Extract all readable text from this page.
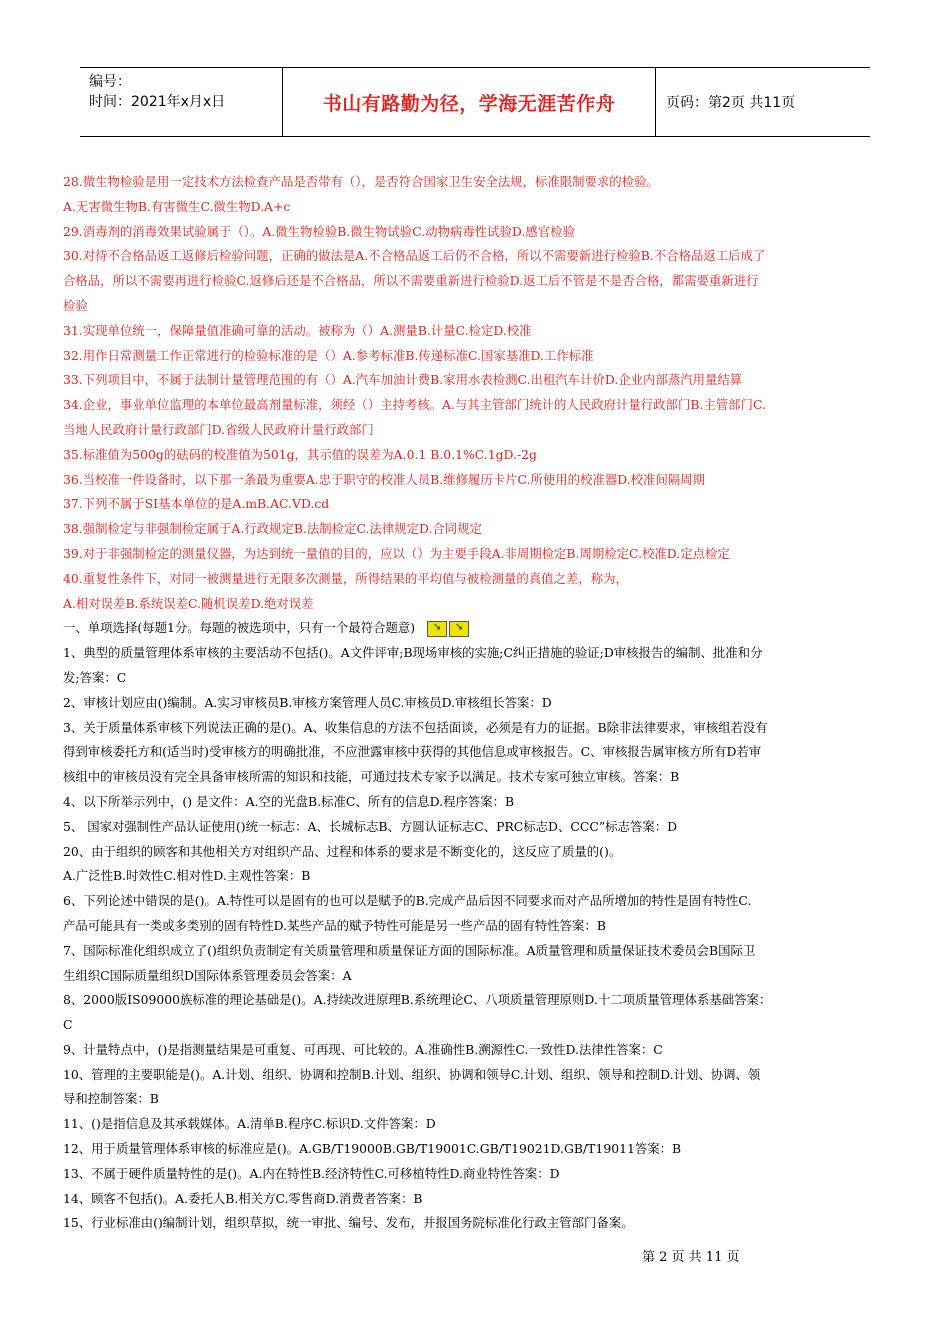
编号：
时间：2021年x月x日	书山有路勤为径，学海无涯苦作舟	页码：第2页 共11页
28.微生物检验是用一定技术方法检查产品是否带有（），是否符合国家卫生安全法规，标准限制要求的检验。
A.无害微生物B.有害微生C.微生物D.A+c
29.消毒剂的消毒效果试验属于（）。A.微生物检验B.微生物试验C.动物病毒性试验D.感官检验
30.对待不合格品返工返修后检验问题，正确的做法是A.不合格品返工后仍不合格，所以不需要新进行检验B.不合格品返工后成了
合格品，所以不需要再进行检验C.返修后还是不合格品，所以不需要重新进行检验D.返工后不管是不是否合格，都需要重新进行
检验
31.实现单位统一，保障量值准确可靠的活动。被称为（）A.测量B.计量C.检定D.校准
32.用作日常测量工作正常进行的检验标准的是（）A.参考标准B.传递标准C.国家基准D.工作标准
33.下列项目中，不属于法制计量管理范围的有（）A.汽车加油计费B.家用水表检测C.出租汽车计价D.企业内部蒸汽用量结算
34.企业，事业单位监理的本单位最高剂量标准，须经（）主持考核。A.与其主管部门统计的人民政府计量行政部门B.主管部门C.
当地人民政府计量行政部门D.省级人民政府计量行政部门
35.标准值为500g的砝码的校准值为501g，其示值的误差为A.0.1 B.0.1%C.1gD.-2g
36.当校准一件设备时，以下那一条最为重要A.忠于职守的校准人员B.维修履历卡片C.所使用的校准器D.校准间隔周期
37.下列不属于SI基本单位的是A.mB.AC.VD.cd
38.强制检定与非强制检定属于A.行政规定B.法制检定C.法律规定D.合同规定
39.对于非强制检定的测量仪器，为达到统一量值的目的，应以（）为主要手段A.非周期检定B.周期检定C.校准D.定点检定
40.重复性条件下，对同一被测量进行无限多次测量，所得结果的平均值与被检测量的真值之差，称为，
A.相对误差B.系统误差C.随机误差D.绝对误差
一、单项选择(每题1分。每题的被选项中，只有一个最符合题意)	↘	↘
1、典型的质量管理体系审核的主要活动不包括()。A文件评审;B现场审核的实施;C纠正措施的验证;D审核报告的编制、批准和分
发;答案：C
2、审核计划应由()编制。A.实习审核员B.审核方案管理人员C.审核员D.审核组长答案：D
3、关于质量体系审核下列说法正确的是()。A、收集信息的方法不包括面谈，必须是有力的证据。B除非法律要求，审核组若没有
得到审核委托方和(适当时)受审核方的明确批准，不应泄露审核中获得的其他信息或审核报告。C、审核报告属审核方所有D若审
核组中的审核员没有完全具备审核所需的知识和技能，可通过技术专家予以满足。技术专家可独立审核。答案：B
4、以下所举示列中，() 是文件：A.空的光盘B.标准C、所有的信息D.程序答案：B
5、 国家对强制性产品认证使用()统一标志：A、长城标志B、方圆认证标志C、PRC标志D、CCC”标志答案：D
20、由于组织的顾客和其他相关方对组织产品、过程和体系的要求是不断变化的，这反应了质量的()。
A.广泛性B.时效性C.相对性D.主观性答案：B
6、下列论述中错误的是()。A.特性可以是固有的也可以是赋予的B.完成产品后因不同要求而对产品所增加的特性是固有特性C.
产品可能具有一类或多类别的固有特性D.某些产品的赋予特性可能是另一些产品的固有特性答案：B
7、国际标准化组织成立了()组织负责制定有关质量管理和质量保证方面的国际标准。A质量管理和质量保证技术委员会B国际卫
生组织C国际质量组织D国际体系管理委员会答案：A
8、2000版IS09000族标准的理论基础是()。A.持续改进原理B.系统理论C、八项质量管理原则D.十二项质量管理体系基础答案：
C
9、计量特点中，()是指测量结果是可重复、可再现、可比较的。A.准确性B.溯源性C.一致性D.法律性答案：C
10、管理的主要职能是()。A.计划、组织、协调和控制B.计划、组织、协调和领导C.计划、组织、领导和控制D.计划、协调、领
导和控制答案：B
11、()是指信息及其承载媒体。A.清单B.程序C.标识D.文件答案：D
12、用于质量管理体系审核的标准应是()。A.GB/T19000B.GB/T19001C.GB/T19021D.GB/T19011答案：B
13、不属于硬件质量特性的是()。A.内在特性B.经济特性C.可移植特性D.商业特性答案：D
14、顾客不包括()。A.委托人B.相关方C.零售商D.消费者答案：B
15、行业标准由()编制计划，组织草拟，统一审批、编号、发布，并报国务院标准化行政主管部门备案。
第 2 页 共 11 页
